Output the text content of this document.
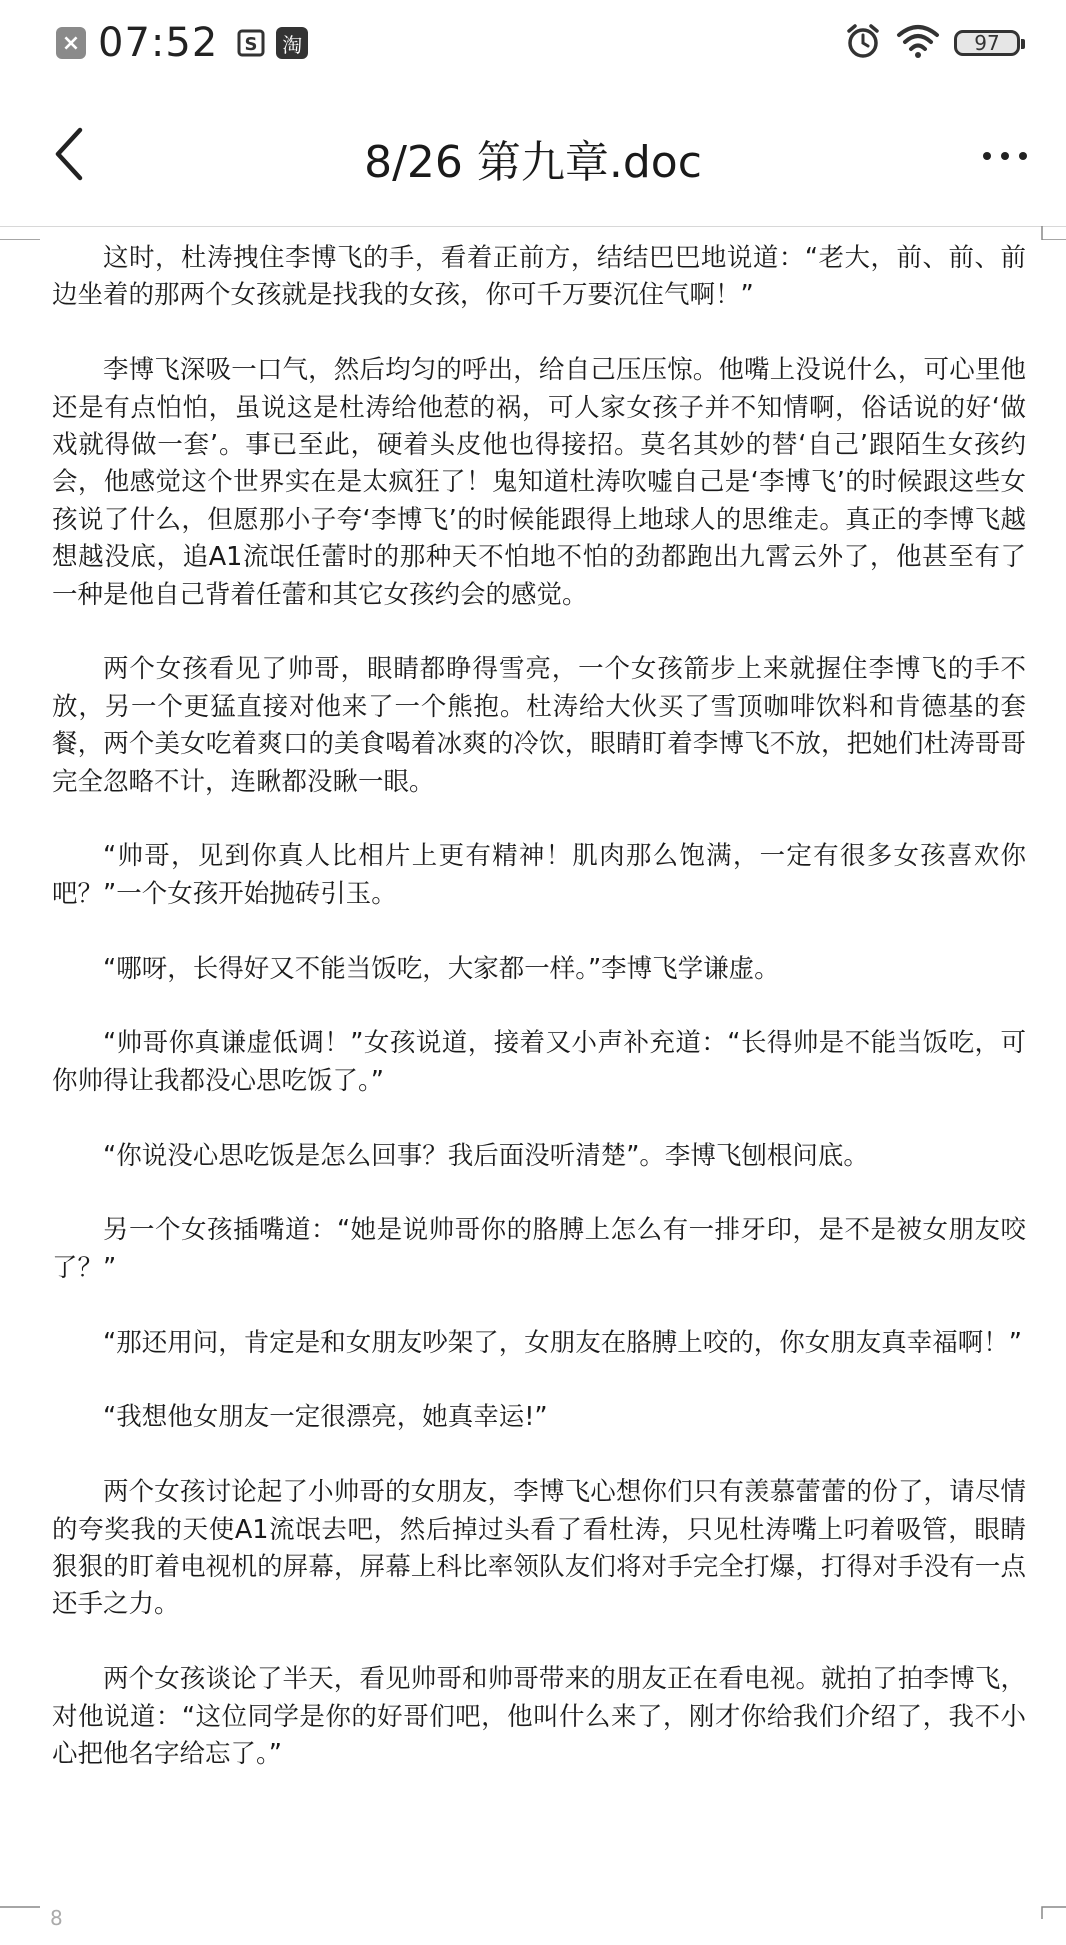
× 07:52 S	淘	97
8/26 第九章.doc

这时，杜涛拽住李博飞的手，看着正前方，结结巴巴地说道：“老大，前、前、前边坐着的那两个女孩就是找我的女孩，你可千万要沉住气啊！”

李博飞深吸一口气，然后均匀的呼出，给自己压压惊。他嘴上没说什么，可心里他还是有点怕怕，虽说这是杜涛给他惹的祸，可人家女孩子并不知情啊，俗话说的好‘做戏就得做一套’。事已至此，硬着头皮他也得接招。莫名其妙的替‘自己’跟陌生女孩约会，他感觉这个世界实在是太疯狂了！鬼知道杜涛吹嘘自己是‘李博飞’的时候跟这些女孩说了什么，但愿那小子夸‘李博飞’的时候能跟得上地球人的思维走。真正的李博飞越想越没底，追A1流氓任蕾时的那种天不怕地不怕的劲都跑出九霄云外了，他甚至有了一种是他自己背着任蕾和其它女孩约会的感觉。

两个女孩看见了帅哥，眼睛都睁得雪亮，一个女孩箭步上来就握住李博飞的手不放，另一个更猛直接对他来了一个熊抱。杜涛给大伙买了雪顶咖啡饮料和肯德基的套餐，两个美女吃着爽口的美食喝着冰爽的冷饮，眼睛盯着李博飞不放，把她们杜涛哥哥完全忽略不计，连瞅都没瞅一眼。

“帅哥，见到你真人比相片上更有精神！肌肉那么饱满，一定有很多女孩喜欢你吧？”一个女孩开始抛砖引玉。

“哪呀，长得好又不能当饭吃，大家都一样。”李博飞学谦虚。

“帅哥你真谦虚低调！”女孩说道，接着又小声补充道：“长得帅是不能当饭吃，可你帅得让我都没心思吃饭了。”

“你说没心思吃饭是怎么回事？我后面没听清楚”。李博飞刨根问底。

另一个女孩插嘴道：“她是说帅哥你的胳膊上怎么有一排牙印，是不是被女朋友咬了？”

“那还用问，肯定是和女朋友吵架了，女朋友在胳膊上咬的，你女朋友真幸福啊！”

“我想他女朋友一定很漂亮，她真幸运!”

两个女孩讨论起了小帅哥的女朋友，李博飞心想你们只有羡慕蕾蕾的份了，请尽情的夸奖我的天使A1流氓去吧，然后掉过头看了看杜涛，只见杜涛嘴上叼着吸管，眼睛狠狠的盯着电视机的屏幕，屏幕上科比率领队友们将对手完全打爆，打得对手没有一点还手之力。

两个女孩谈论了半天，看见帅哥和帅哥带来的朋友正在看电视。就拍了拍李博飞，对他说道：“这位同学是你的好哥们吧，他叫什么来了，刚才你给我们介绍了，我不小心把他名字给忘了。”

8
